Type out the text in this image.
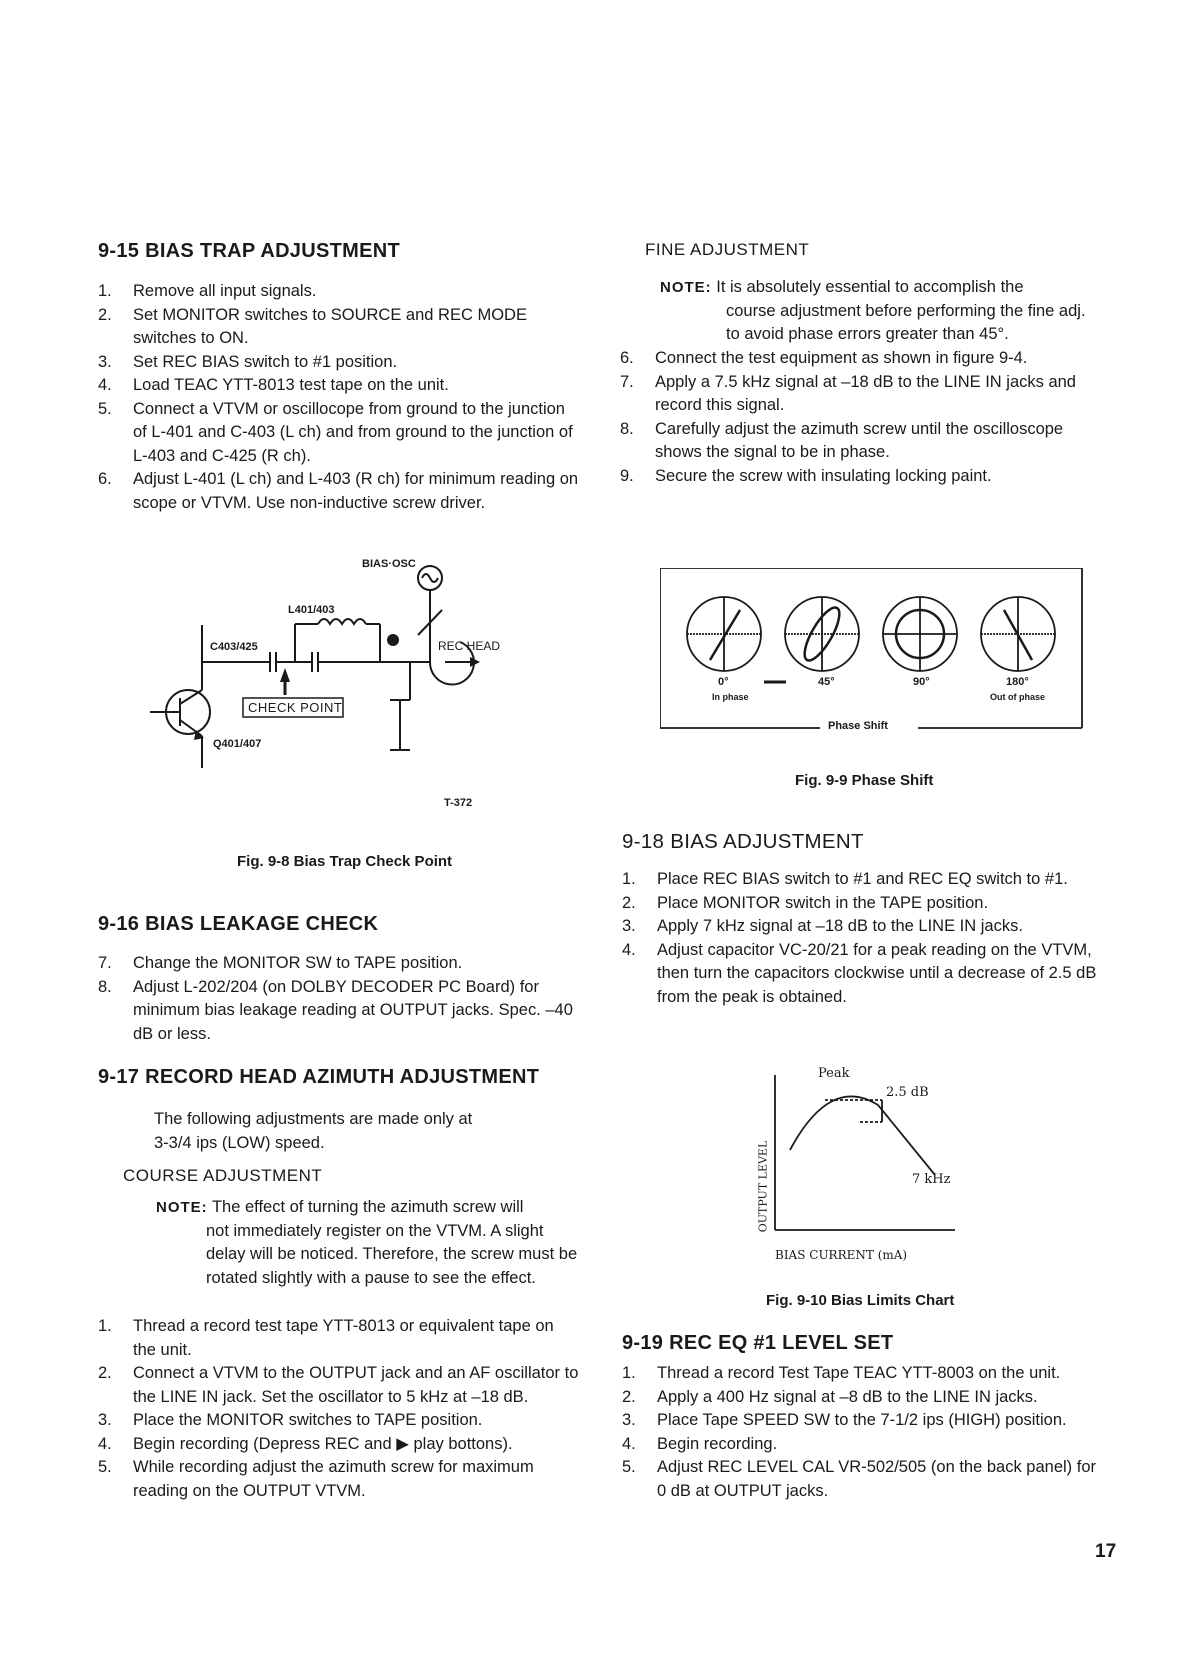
9-15 BIAS TRAP ADJUSTMENT
1. Remove all input signals.
2. Set MONITOR switches to SOURCE and REC MODE switches to ON.
3. Set REC BIAS switch to #1 position.
4. Load TEAC YTT-8013 test tape on the unit.
5. Connect a VTVM or oscillocope from ground to the junction of L-401 and C-403 (L ch) and from ground to the junction of L-403 and C-425 (R ch).
6. Adjust L-401 (L ch) and L-403 (R ch) for minimum reading on scope or VTVM. Use non-inductive screw driver.
BIAS·OSC
L401/403
C403/425	REC HEAD
CHECK POINT
Q401/407
T-372
Fig. 9-8 Bias Trap Check Point
9-16 BIAS LEAKAGE CHECK
7. Change the MONITOR SW to TAPE position.
8. Adjust L-202/204 (on DOLBY DECODER PC Board) for minimum bias leakage reading at OUTPUT jacks. Spec. –40 dB or less.
9-17 RECORD HEAD AZIMUTH ADJUSTMENT
The following adjustments are made only at
3-3/4 ips (LOW) speed.
COURSE ADJUSTMENT
NOTE: The effect of turning the azimuth screw will
not immediately register on the VTVM. A slight delay will be noticed. Therefore, the screw must be rotated slightly with a pause to see the effect.
1. Thread a record test tape YTT-8013 or equivalent tape on the unit.
2. Connect a VTVM to the OUTPUT jack and an AF oscillator to the LINE IN jack. Set the oscillator to 5 kHz at –18 dB.
3. Place the MONITOR switches to TAPE position.
4. Begin recording (Depress REC and ▶ play bottons).
5. While recording adjust the azimuth screw for maximum reading on the OUTPUT VTVM.
FINE ADJUSTMENT
NOTE: It is absolutely essential to accomplish the
course adjustment before performing the fine adj. to avoid phase errors greater than 45°.
6. Connect the test equipment as shown in figure 9-4.
7. Apply a 7.5 kHz signal at –18 dB to the LINE IN jacks and record this signal.
8. Carefully adjust the azimuth screw until the oscilloscope shows the signal to be in phase.
9. Secure the screw with insulating locking paint.
0°	45°	90°	180°
In phase	Out of phase
Phase Shift
Fig. 9-9 Phase Shift
9-18 BIAS ADJUSTMENT
1. Place REC BIAS switch to #1 and REC EQ switch to #1.
2. Place MONITOR switch in the TAPE position.
3. Apply 7 kHz signal at –18 dB to the LINE IN jacks.
4. Adjust capacitor VC-20/21 for a peak reading on the VTVM, then turn the capacitors clockwise until a decrease of 2.5 dB from the peak is obtained.
Peak
2.5 dB
7 kHz
OUTPUT LEVEL
BIAS CURRENT (mA)
Fig. 9-10 Bias Limits Chart
9-19 REC EQ #1 LEVEL SET
1. Thread a record Test Tape TEAC YTT-8003 on the unit.
2. Apply a 400 Hz signal at –8 dB to the LINE IN jacks.
3. Place Tape SPEED SW to the 7-1/2 ips (HIGH) position.
4. Begin recording.
5. Adjust REC LEVEL CAL VR-502/505 (on the back panel) for 0 dB at OUTPUT jacks.
17
